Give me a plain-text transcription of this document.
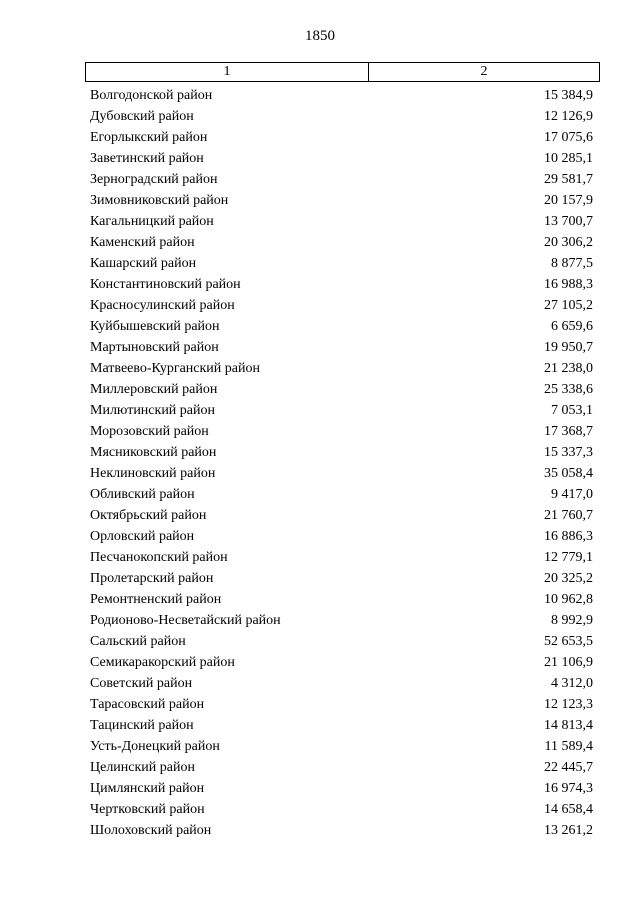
1850
1	2
Волгодонской район	15 384,9
Дубовский район	12 126,9
Егорлыкский район	17 075,6
Заветинский район	10 285,1
Зерноградский район	29 581,7
Зимовниковский район	20 157,9
Кагальницкий район	13 700,7
Каменский район	20 306,2
Кашарский район	8 877,5
Константиновский район	16 988,3
Красносулинский район	27 105,2
Куйбышевский район	6 659,6
Мартыновский район	19 950,7
Матвеево-Курганский район	21 238,0
Миллеровский район	25 338,6
Милютинский район	7 053,1
Морозовский район	17 368,7
Мясниковский район	15 337,3
Неклиновский район	35 058,4
Обливский район	9 417,0
Октябрьский район	21 760,7
Орловский район	16 886,3
Песчанокопский район	12 779,1
Пролетарский район	20 325,2
Ремонтненский район	10 962,8
Родионово-Несветайский район	8 992,9
Сальский район	52 653,5
Семикаракорский район	21 106,9
Советский район	4 312,0
Тарасовский район	12 123,3
Тацинский район	14 813,4
Усть-Донецкий район	11 589,4
Целинский район	22 445,7
Цимлянский район	16 974,3
Чертковский район	14 658,4
Шолоховский район	13 261,2
